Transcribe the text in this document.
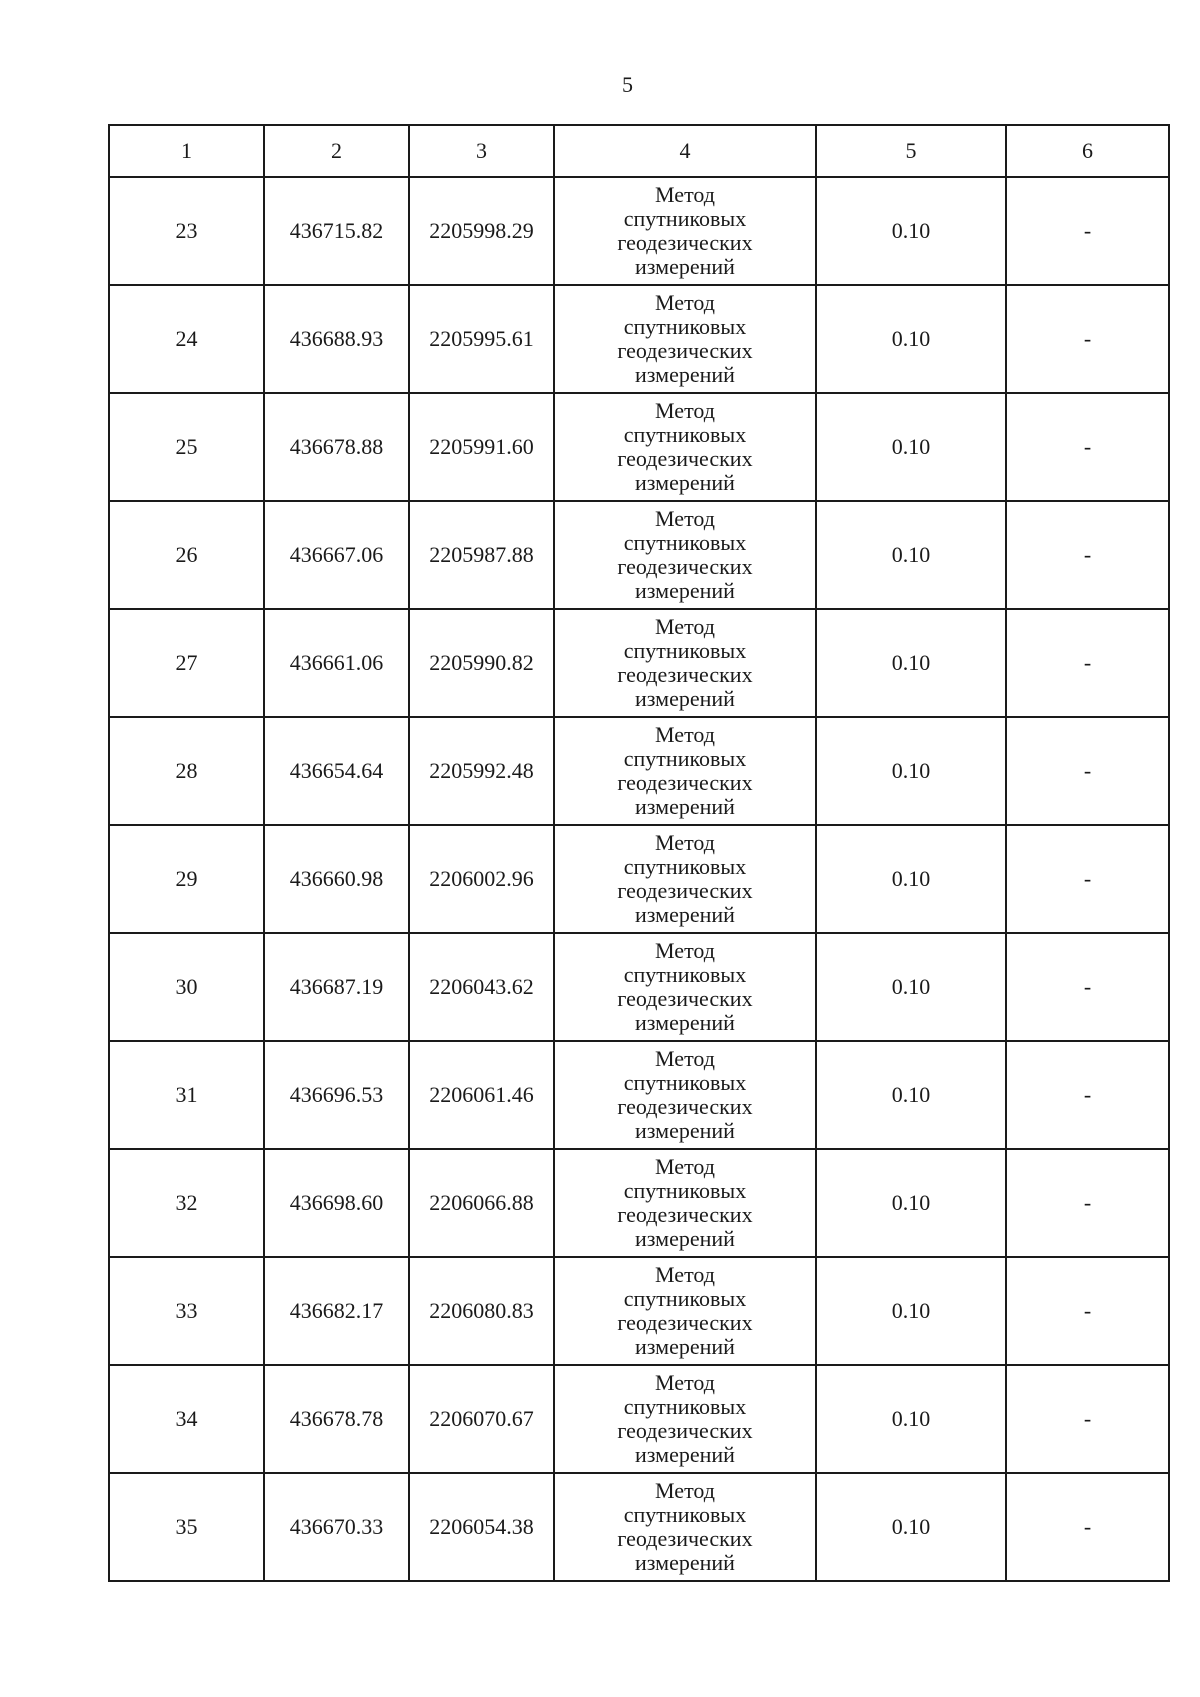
5
1	2	3	4	5	6
23	436715.82	2205998.29	Метод
спутниковых
геодезических
измерений	0.10	-
24	436688.93	2205995.61	Метод
спутниковых
геодезических
измерений	0.10	-
25	436678.88	2205991.60	Метод
спутниковых
геодезических
измерений	0.10	-
26	436667.06	2205987.88	Метод
спутниковых
геодезических
измерений	0.10	-
27	436661.06	2205990.82	Метод
спутниковых
геодезических
измерений	0.10	-
28	436654.64	2205992.48	Метод
спутниковых
геодезических
измерений	0.10	-
29	436660.98	2206002.96	Метод
спутниковых
геодезических
измерений	0.10	-
30	436687.19	2206043.62	Метод
спутниковых
геодезических
измерений	0.10	-
31	436696.53	2206061.46	Метод
спутниковых
геодезических
измерений	0.10	-
32	436698.60	2206066.88	Метод
спутниковых
геодезических
измерений	0.10	-
33	436682.17	2206080.83	Метод
спутниковых
геодезических
измерений	0.10	-
34	436678.78	2206070.67	Метод
спутниковых
геодезических
измерений	0.10	-
35	436670.33	2206054.38	Метод
спутниковых
геодезических
измерений	0.10	-
